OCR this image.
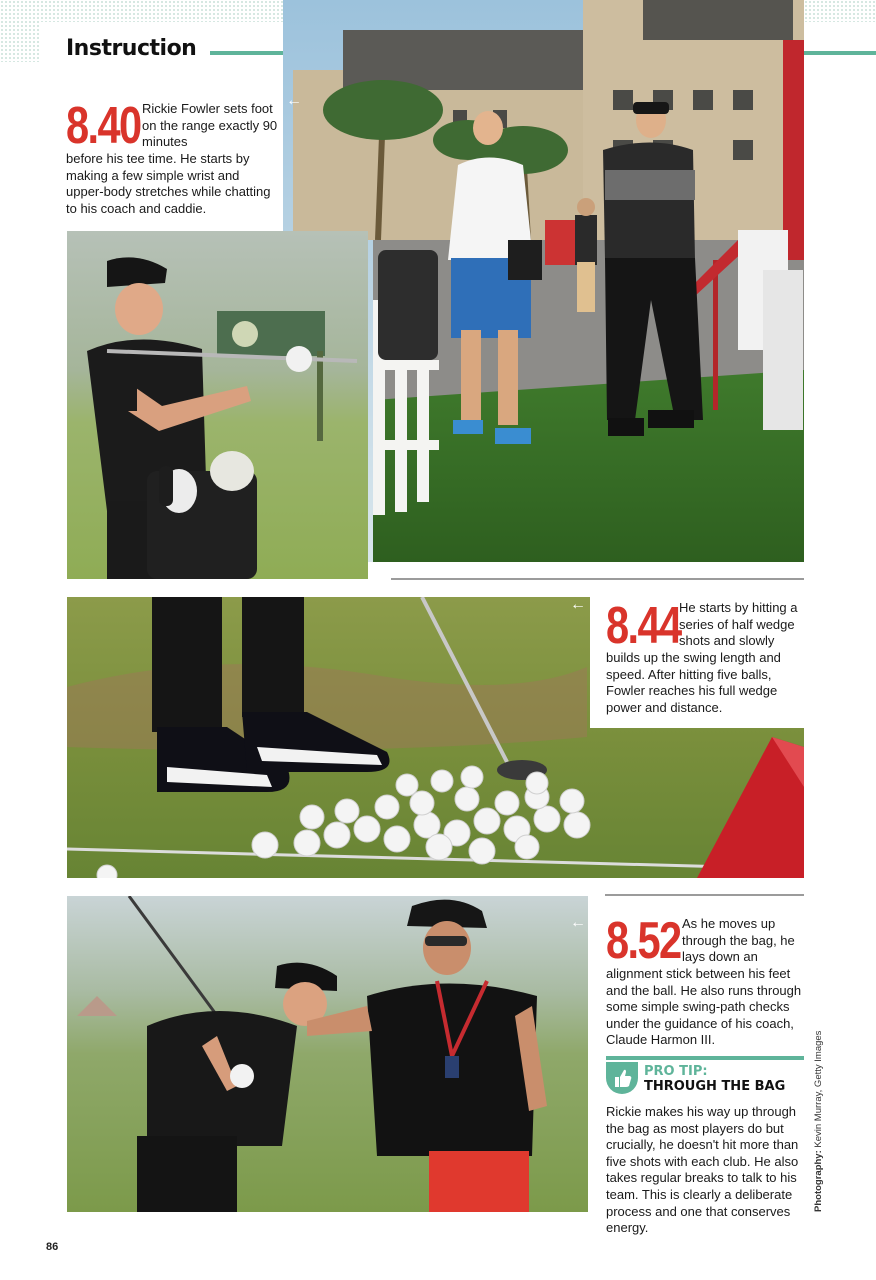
Instruction
8.40 Rickie Fowler sets foot on the range exactly 90 minutes
before his tee time. He starts by making a few simple wrist and upper-body stretches while chatting to his coach and caddie.
←
8.44
He starts by hitting a series of half wedge shots and slowly
builds up the swing length and speed. After hitting five balls, Fowler reaches his full wedge power and distance.
←
← 8.52 As he moves up through the bag, he lays down an
alignment stick between his feet and the ball. He also runs through some simple swing-path checks under the guidance of his coach, Claude Harmon III.
PRO TIP:
THROUGH THE BAG
Rickie makes his way up through the bag as most players do but crucially, he doesn't hit more than five shots with each club. He also takes regular breaks to talk to his team. This is clearly a deliberate process and one that conserves energy.
Photography: Kevin Murray, Getty Images
86
